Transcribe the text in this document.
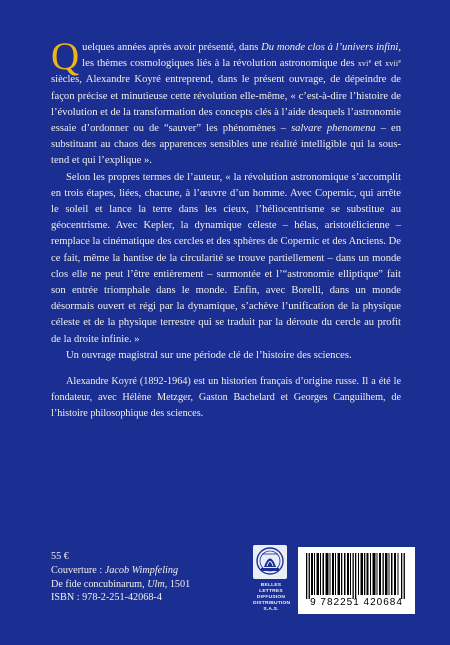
Quelques années après avoir présenté, dans Du monde clos à l’univers infini, les thèmes cosmologiques liés à la révolution astronomique des xvi$^e$ et xvii$^e$ siècles, Alexandre Koyré entreprend, dans le présent ouvrage, de dépeindre de façon précise et minutieuse cette révolution elle-même, « c’est-à-dire l’histoire de l’évolution et de la transformation des concepts clés à l’aide desquels l’astronomie essaie d’ordonner ou de “sauver” les phénomènes – salvare phenomena – en substituant au chaos des apparences sensibles une réalité intelligible qui la sous-tend et qui l’explique ».

Selon les propres termes de l’auteur, « la révolution astronomique s’accomplit en trois étapes, liées, chacune, à l’œuvre d’un homme. Avec Copernic, qui arrête le soleil et lance la terre dans les cieux, l’héliocentrisme se substitue au géocentrisme. Avec Kepler, la dynamique céleste – hélas, aristotélicienne – remplace la cinématique des cercles et des sphères de Copernic et des Anciens. De ce fait, même la hantise de la circularité se trouve partiellement – dans un monde clos elle ne peut l’être entièrement – surmontée et l’“astronomie elliptique” fait son entrée triomphale dans le monde. Enfin, avec Borelli, dans un monde désormais ouvert et régi par la dynamique, s’achève l’unification de la physique céleste et de la physique terrestre qui se traduit par la déroute du cercle au profit de la droite infinie. »

Un ouvrage magistral sur une période clé de l’histoire des sciences.

Alexandre Koyré (1892-1964) est un historien français d’origine russe. Il a été le fondateur, avec Hélène Metzger, Gaston Bachelard et Georges Canguilhem, de l’histoire philosophique des sciences.

55 €
Couverture : Jacob Wimpfeling
De fide concubinarum, Ulm, 1501
ISBN : 978-2-251-42068-4
BELLES LETTRES
DIFFUSION
DISTRIBUTION
S.A.S.
9 782251 420684
